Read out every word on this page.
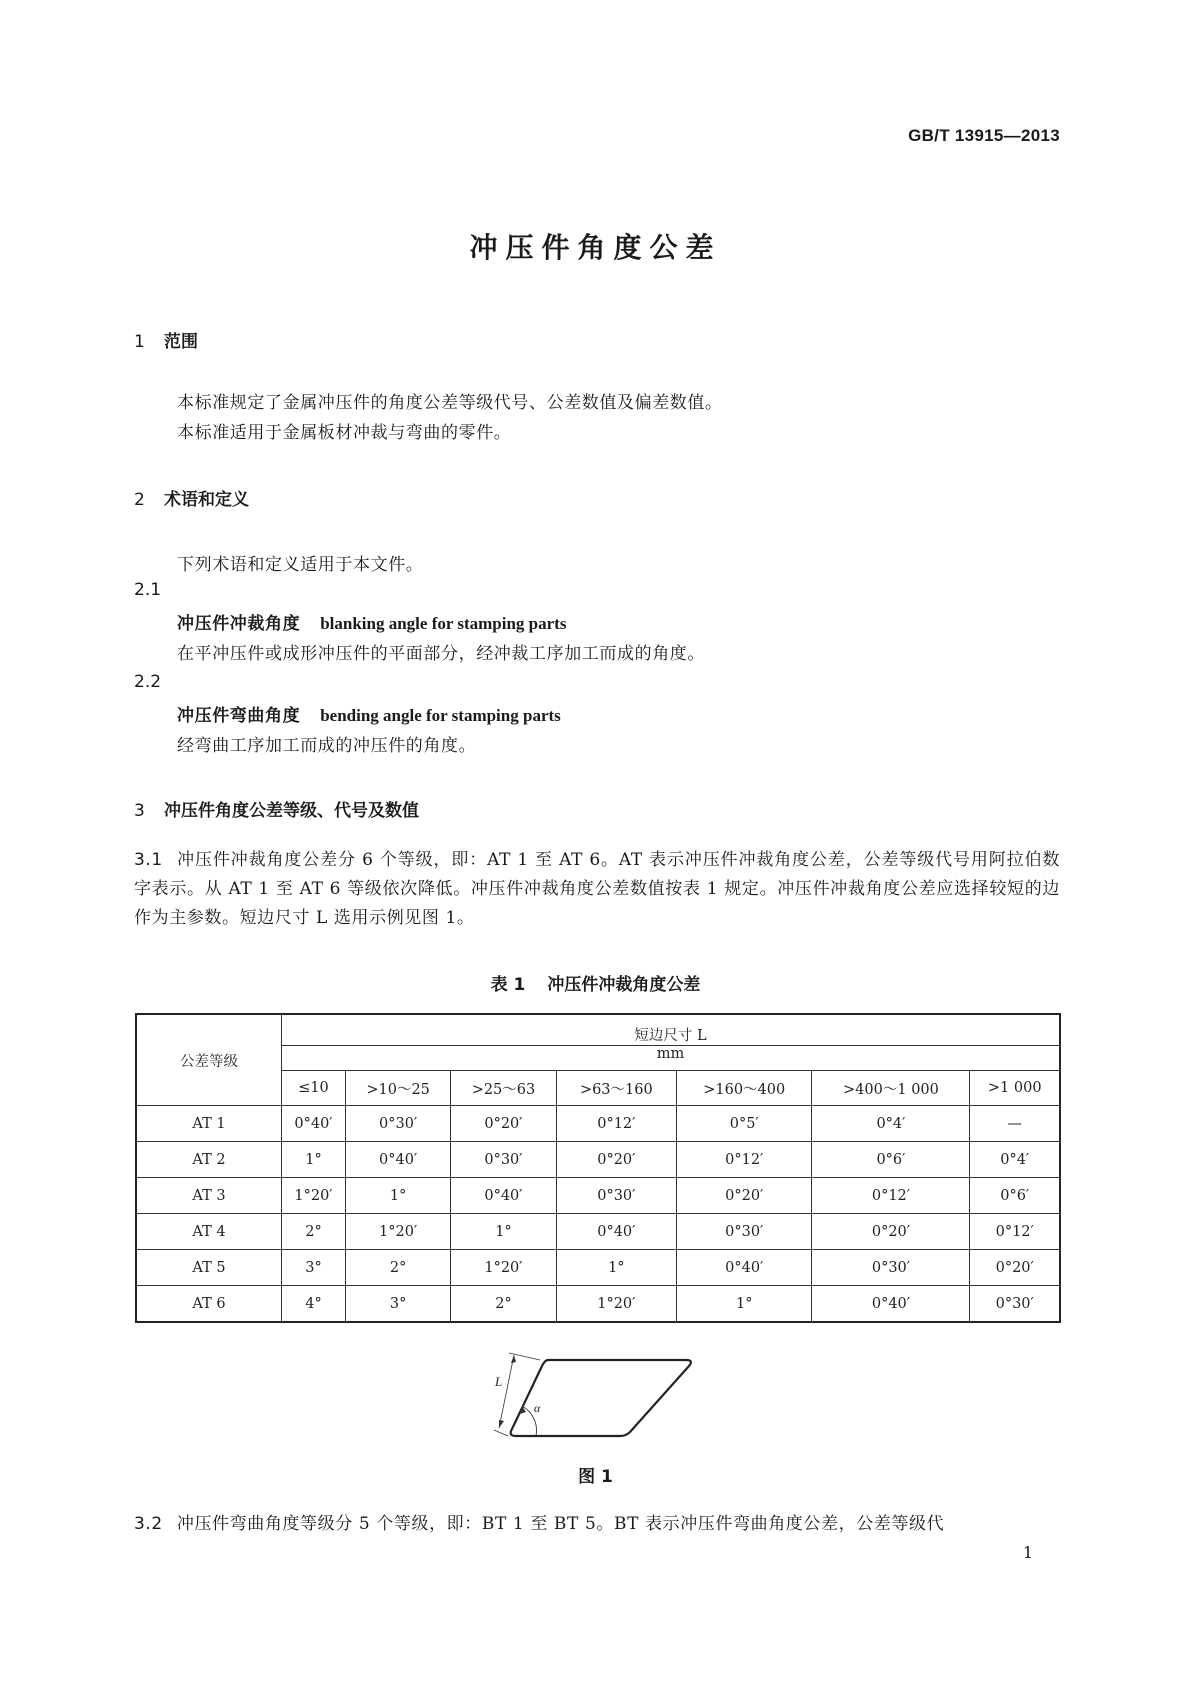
GB/T 13915—2013
冲压件角度公差
1 范围
本标准规定了金属冲压件的角度公差等级代号、公差数值及偏差数值。
本标准适用于金属板材冲裁与弯曲的零件。
2 术语和定义
下列术语和定义适用于本文件。
2.1
冲压件冲裁角度 blanking angle for stamping parts
在平冲压件或成形冲压件的平面部分，经冲裁工序加工而成的角度。
2.2
冲压件弯曲角度 bending angle for stamping parts
经弯曲工序加工而成的冲压件的角度。
3 冲压件角度公差等级、代号及数值
3.1 冲压件冲裁角度公差分 6 个等级，即：AT 1 至 AT 6。AT 表示冲压件冲裁角度公差，公差等级代号用阿拉伯数字表示。从 AT 1 至 AT 6 等级依次降低。冲压件冲裁角度公差数值按表 1 规定。冲压件冲裁角度公差应选择较短的边作为主参数。短边尺寸 L 选用示例见图 1。
表 1 冲压件冲裁角度公差
公差等级	短边尺寸 L						
	mm						
	≤10	>10～25	>25～63	>63～160	>160～400	>400～1 000	>1 000
AT 1	0°40′	0°30′	0°20′	0°12′	0°5′	0°4′	—
AT 2	1°	0°40′	0°30′	0°20′	0°12′	0°6′	0°4′
AT 3	1°20′	1°	0°40′	0°30′	0°20′	0°12′	0°6′
AT 4	2°	1°20′	1°	0°40′	0°30′	0°20′	0°12′
AT 5	3°	2°	1°20′	1°	0°40′	0°30′	0°20′
AT 6	4°	3°	2°	1°20′	1°	0°40′	0°30′
L
α
图 1
3.2 冲压件弯曲角度等级分 5 个等级，即：BT 1 至 BT 5。BT 表示冲压件弯曲角度公差，公差等级代
1
